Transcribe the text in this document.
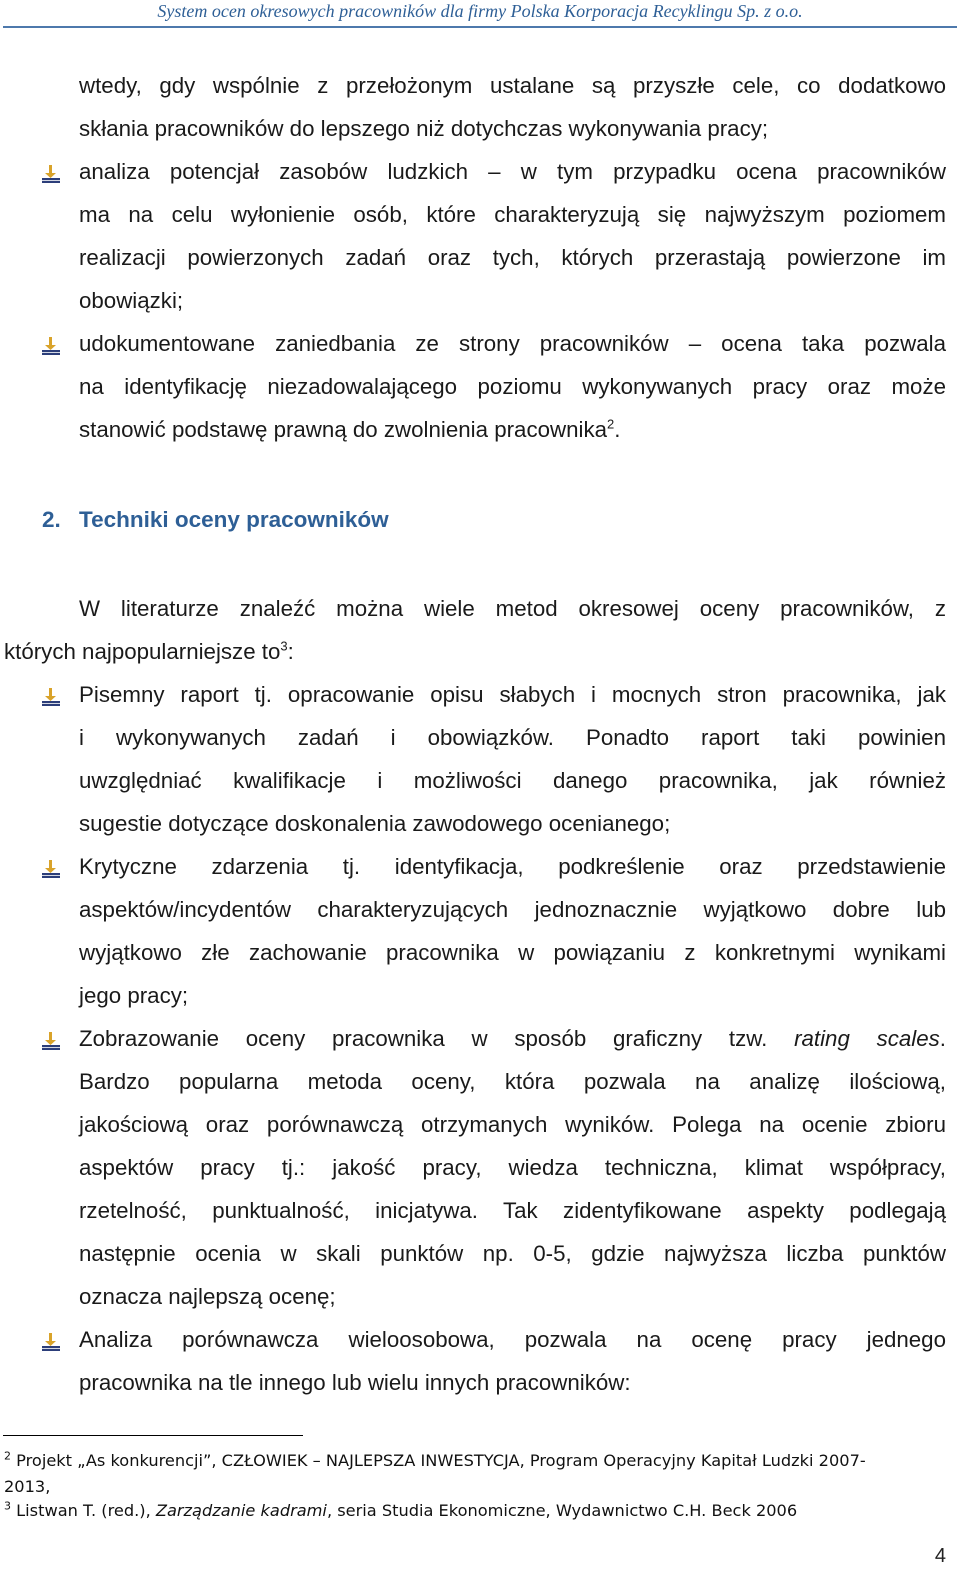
System ocen okresowych pracowników dla firmy Polska Korporacja Recyklingu Sp. z o.o.
wtedy, gdy wspólnie z przełożonym ustalane są przyszłe cele, co dodatkowo
skłania pracowników do lepszego niż dotychczas wykonywania pracy;
analiza potencjał zasobów ludzkich – w tym przypadku ocena pracowników
ma na celu wyłonienie osób, które charakteryzują się najwyższym poziomem
realizacji powierzonych zadań oraz tych, których przerastają powierzone im
obowiązki;
udokumentowane zaniedbania ze strony pracowników – ocena taka pozwala
na identyfikację niezadowalającego poziomu wykonywanych pracy oraz może
stanowić podstawę prawną do zwolnienia pracownika$^2$.
2. Techniki oceny pracowników
W literaturze znaleźć można wiele metod okresowej oceny pracowników, z
których najpopularniejsze $to^3$:
Pisemny raport tj. opracowanie opisu słabych i mocnych stron pracownika, jak
i wykonywanych zadań i obowiązków. Ponadto raport taki powinien
uwzględniać kwalifikacje i możliwości danego pracownika, jak również
sugestie dotyczące doskonalenia zawodowego ocenianego;
Krytyczne zdarzenia tj. identyfikacja, podkreślenie oraz przedstawienie
aspektów/incydentów charakteryzujących jednoznacznie wyjątkowo dobre lub
wyjątkowo złe zachowanie pracownika w powiązaniu z konkretnymi wynikami
jego pracy;
Zobrazowanie oceny pracownika w sposób graficzny tzw. rating scales.
Bardzo popularna metoda oceny, która pozwala na analizę ilościową,
jakościową oraz porównawczą otrzymanych wyników. Polega na ocenie zbioru
aspektów pracy tj.: jakość pracy, wiedza techniczna, klimat współpracy,
rzetelność, punktualność, inicjatywa. Tak zidentyfikowane aspekty podlegają
następnie ocenia w skali punktów np. 0-5, gdzie najwyższa liczba punktów
oznacza najlepszą ocenę;
Analiza porównawcza wieloosobowa, pozwala na ocenę pracy jednego
pracownika na tle innego lub wielu innych pracowników:
$^2$ Projekt „As konkurencji”, CZŁOWIEK – NAJLEPSZA INWESTYCJA, Program Operacyjny Kapitał Ludzki 2007-
2013,
$^3$ Listwan T. (red.), Zarządzanie kadrami, seria Studia Ekonomiczne, Wydawnictwo C.H. Beck 2006
4
